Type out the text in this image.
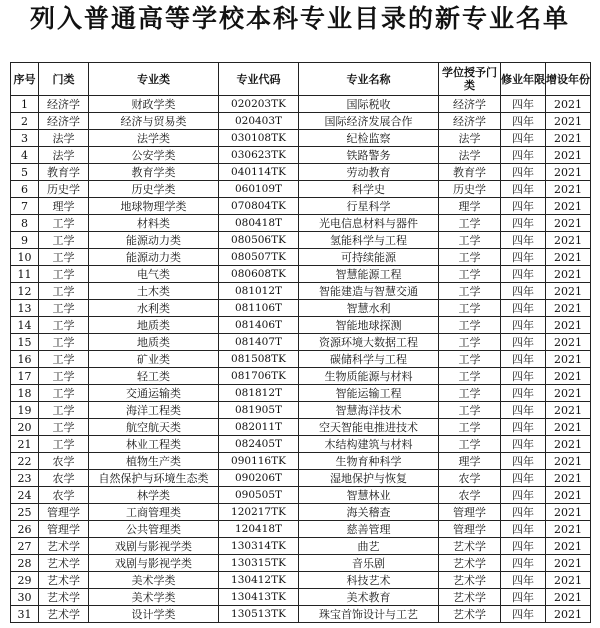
列入普通高等学校本科专业目录的新专业名单
序号	门类	专业类	专业代码	专业名称	学位授予门类	修业年限	增设年份
1	经济学	财政学类	020203TK	国际税收	经济学	四年	2021
2	经济学	经济与贸易类	020403T	国际经济发展合作	经济学	四年	2021
3	法学	法学类	030108TK	纪检监察	法学	四年	2021
4	法学	公安学类	030623TK	铁路警务	法学	四年	2021
5	教育学	教育学类	040114TK	劳动教育	教育学	四年	2021
6	历史学	历史学类	060109T	科学史	历史学	四年	2021
7	理学	地球物理学类	070804TK	行星科学	理学	四年	2021
8	工学	材料类	080418T	光电信息材料与器件	工学	四年	2021
9	工学	能源动力类	080506TK	氢能科学与工程	工学	四年	2021
10	工学	能源动力类	080507TK	可持续能源	工学	四年	2021
11	工学	电气类	080608TK	智慧能源工程	工学	四年	2021
12	工学	土木类	081012T	智能建造与智慧交通	工学	四年	2021
13	工学	水利类	081106T	智慧水利	工学	四年	2021
14	工学	地质类	081406T	智能地球探测	工学	四年	2021
15	工学	地质类	081407T	资源环境大数据工程	工学	四年	2021
16	工学	矿业类	081508TK	碳储科学与工程	工学	四年	2021
17	工学	轻工类	081706TK	生物质能源与材料	工学	四年	2021
18	工学	交通运输类	081812T	智能运输工程	工学	四年	2021
19	工学	海洋工程类	081905T	智慧海洋技术	工学	四年	2021
20	工学	航空航天类	082011T	空天智能电推进技术	工学	四年	2021
21	工学	林业工程类	082405T	木结构建筑与材料	工学	四年	2021
22	农学	植物生产类	090116TK	生物育种科学	理学	四年	2021
23	农学	自然保护与环境生态类	090206T	湿地保护与恢复	农学	四年	2021
24	农学	林学类	090505T	智慧林业	农学	四年	2021
25	管理学	工商管理类	120217TK	海关稽查	管理学	四年	2021
26	管理学	公共管理类	120418T	慈善管理	管理学	四年	2021
27	艺术学	戏剧与影视学类	130314TK	曲艺	艺术学	四年	2021
28	艺术学	戏剧与影视学类	130315TK	音乐剧	艺术学	四年	2021
29	艺术学	美术学类	130412TK	科技艺术	艺术学	四年	2021
30	艺术学	美术学类	130413TK	美术教育	艺术学	四年	2021
31	艺术学	设计学类	130513TK	珠宝首饰设计与工艺	艺术学	四年	2021
